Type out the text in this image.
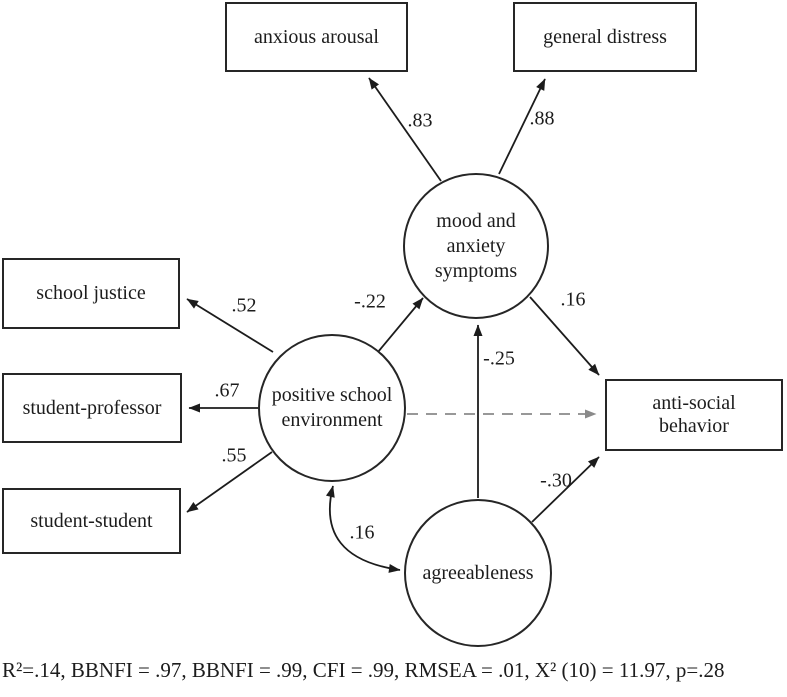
anxious arousal	general distress
school justice
student-professor
student-student
anti-social behavior
mood and anxiety symptoms
positive school environment
agreeableness
.83	.88
.52
.67
.55
-.22
-.25
.16
-.30
.16
R²=.14, BBNFI = .97, BBNFI = .99, CFI = .99, RMSEA = .01, X² (10) = 11.97, p=.28
